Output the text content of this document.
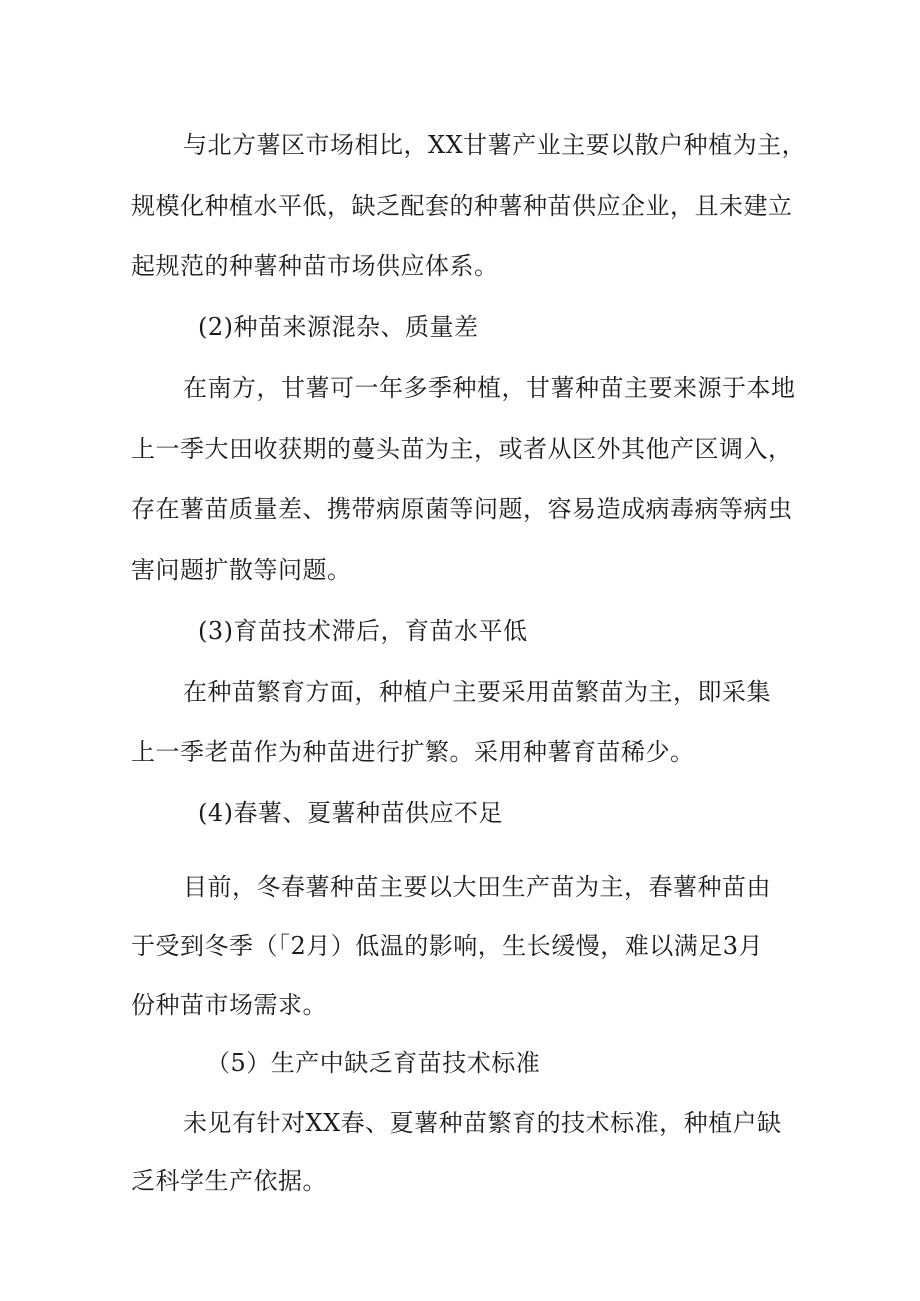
与北方薯区市场相比，XX甘薯产业主要以散户种植为主，
规模化种植水平低，缺乏配套的种薯种苗供应企业，且未建立
起规范的种薯种苗市场供应体系。
(2)种苗来源混杂、质量差
在南方，甘薯可一年多季种植，甘薯种苗主要来源于本地
上一季大田收获期的蔓头苗为主，或者从区外其他产区调入，
存在薯苗质量差、携带病原菌等问题，容易造成病毒病等病虫
害问题扩散等问题。
(3)育苗技术滞后，育苗水平低
在种苗繁育方面，种植户主要采用苗繁苗为主，即采集
上一季老苗作为种苗进行扩繁。采用种薯育苗稀少。
(4)春薯、夏薯种苗供应不足
目前，冬春薯种苗主要以大田生产苗为主，春薯种苗由
于受到冬季（「2月）低温的影响，生长缓慢，难以满足3月
份种苗市场需求。
（5）生产中缺乏育苗技术标准
未见有针对XX春、夏薯种苗繁育的技术标准，种植户缺
乏科学生产依据。
